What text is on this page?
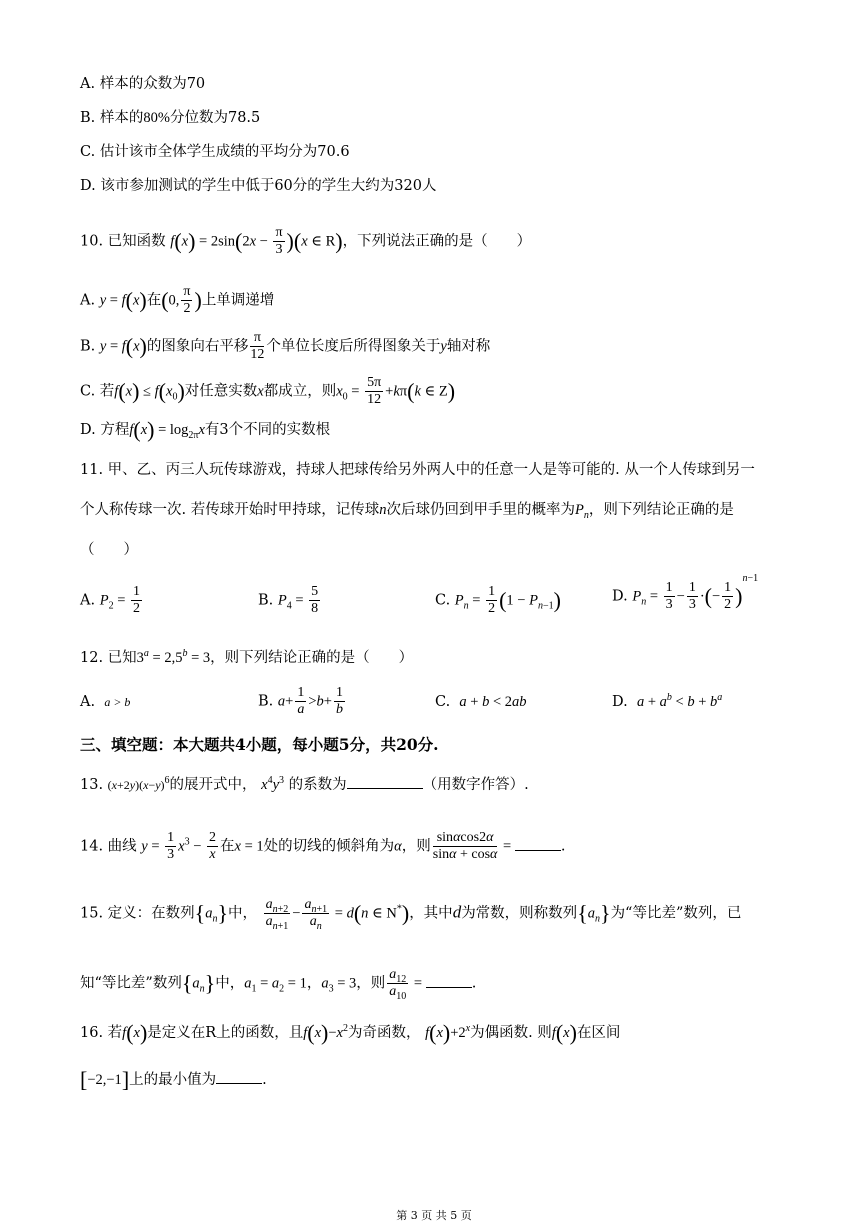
A. 样本的众数为70
B. 样本的80%分位数为78.5
C. 估计该市全体学生成绩的平均分为70.6
D. 该市参加测试的学生中低于60分的学生大约为320人
10. 已知函数 $f(x) = 2\sin(2x - \frac{\pi}{3} )(x$ ∈ R)，下列说法正确的是（　　）
A. y = f(x)在(0, $\frac{\pi}{2}$ )上单调递增
B. y = f(x)的图象向右平移 $\frac{\pi}{12}$ 个单位长度后所得图象关于y轴对称
C. 若$f(x) \le f(x_0)$对任意实数x都成立，则$x_0 = \frac{5\pi}{12} +k\pi(k$ ∈ Z)
D. 方程$f(x) = \log_{2\pi}x$有3个不同的实数根
11. 甲、乙、丙三人玩传球游戏，持球人把球传给另外两人中的任意一人是等可能的. 从一个人传球到另一
个人称传球一次. 若传球开始时甲持球，记传球n次后球仍回到甲手里的概率为$P_n$，则下列结论正确的是
（　　）
A. $P_2 = \frac{1}{2}$	B. $P_4 = \frac{5}{8}$	C. $P_n = \frac{1}{2} (1 - P_{n-1})$	D. $P_n = \frac{1}{3} - \frac{1}{3}$ ·(− $\frac{1}{2} )^{n-1}$
12. 已知$3^a = 2,5^b = 3$，则下列结论正确的是（　　）
A. a > b	B. $a+ \frac{1}{a} >b+ \frac{1}{b}$	C. a + b < 2ab	D. $a + a^b < b + b^a$
三、填空题：本大题共4小题，每小题5分，共20分.
13. $(x+2y)(x-y)^6$的展开式中， $x^4y^3$ 的系数为	（用数字作答）.
14. 曲线 $y = \frac{1}{3} x^3 - \frac{2}{x}$ 在x = 1处的切线的倾斜角为α，则 $\frac{\sin\alpha\cos 2\alpha}{\sin\alpha + \cos\alpha}$ =	.
15. 定义：在数列$\{a_n\}$中， $\frac{a_{n+2}}{a_{n+1}} - \frac{a_{n+1}}{a_n} = d(n$ ∈ N*)，其中d为常数，则称数列$\{a_n\}$为“等比差”数列，已
知“等比差”数列$\{a_n\}$中，$a_1 = a_2 = 1$，$a_3 = 3$，则 $\frac{a_{12}}{a_{10}}$ =	.
16. 若f(x)是定义在R上的函数，且$f(x)-x^2$为奇函数， $f(x)+2^x$为偶函数. 则f(x)在区间
[−2,−1]上的最小值为	.
第 3 页 共 5 页
